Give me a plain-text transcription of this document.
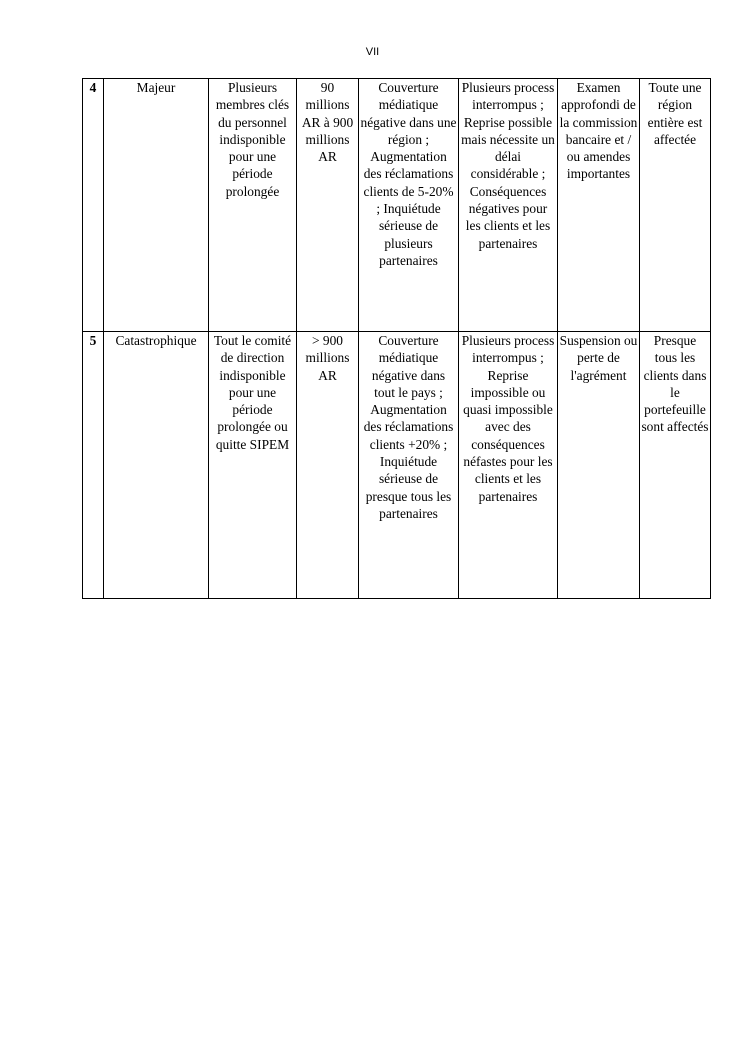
VII
4	Majeur	Plusieurs membres clés du personnel indisponible pour une période prolongée	90 millions AR à 900 millions AR	Couverture médiatique négative dans une région ; Augmentation des réclamations clients de 5-20% ; Inquiétude sérieuse de plusieurs partenaires	Plusieurs process interrompus ; Reprise possible mais nécessite un délai considérable ; Conséquences négatives pour les clients et les partenaires	Examen approfondi de la commission bancaire et / ou amendes importantes	Toute une région entière est affectée
5	Catastrophique	Tout le comité de direction indisponible pour une période prolongée ou quitte SIPEM	> 900 millions AR	Couverture médiatique négative dans tout le pays ; Augmentation des réclamations clients +20% ; Inquiétude sérieuse de presque tous les partenaires	Plusieurs process interrompus ; Reprise impossible ou quasi impossible avec des conséquences néfastes pour les clients et les partenaires	Suspension ou perte de l'agrément	Presque tous les clients dans le portefeuille sont affectés
